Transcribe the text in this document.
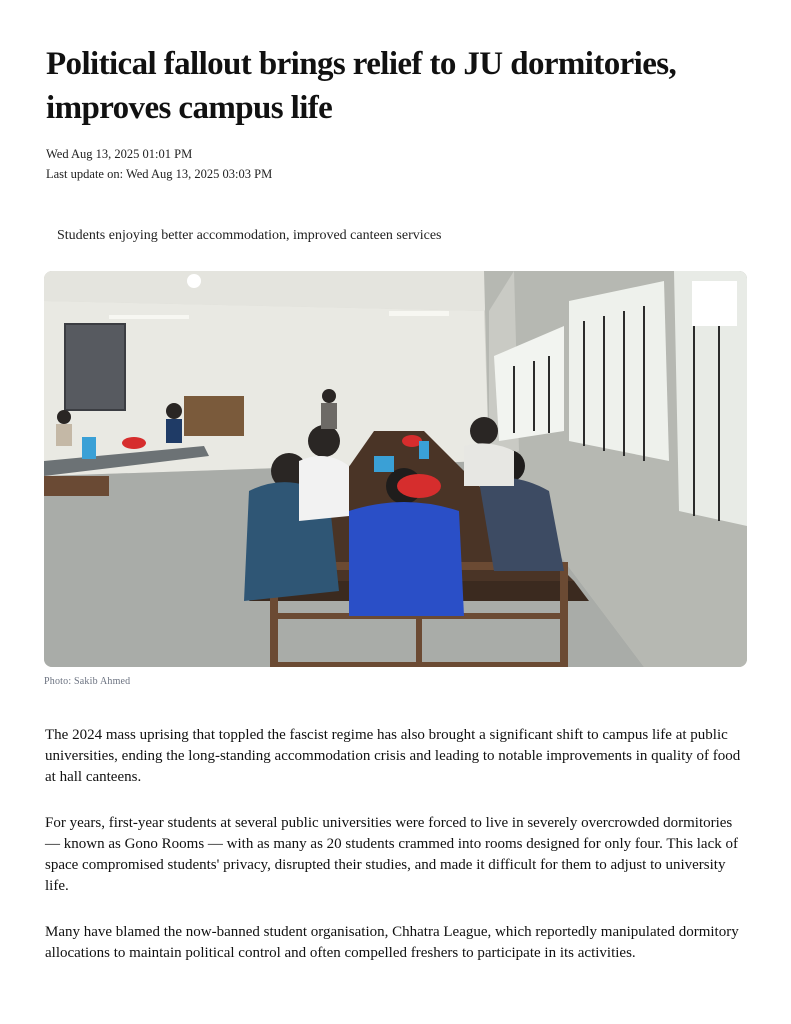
Political fallout brings relief to JU dormitories, improves campus life
Wed Aug 13, 2025 01:01 PM
Last update on: Wed Aug 13, 2025 03:03 PM
Students enjoying better accommodation, improved canteen services
Photo: Sakib Ahmed

The 2024 mass uprising that toppled the fascist regime has also brought a significant shift to campus life at public universities, ending the long-standing accommodation crisis and leading to notable improvements in quality of food at hall canteens.

For years, first-year students at several public universities were forced to live in severely overcrowded dormitories — known as Gono Rooms — with as many as 20 students crammed into rooms designed for only four. This lack of space compromised students' privacy, disrupted their studies, and made it difficult for them to adjust to university life.

Many have blamed the now-banned student organisation, Chhatra League, which reportedly manipulated dormitory allocations to maintain political control and often compelled freshers to participate in its activities.
